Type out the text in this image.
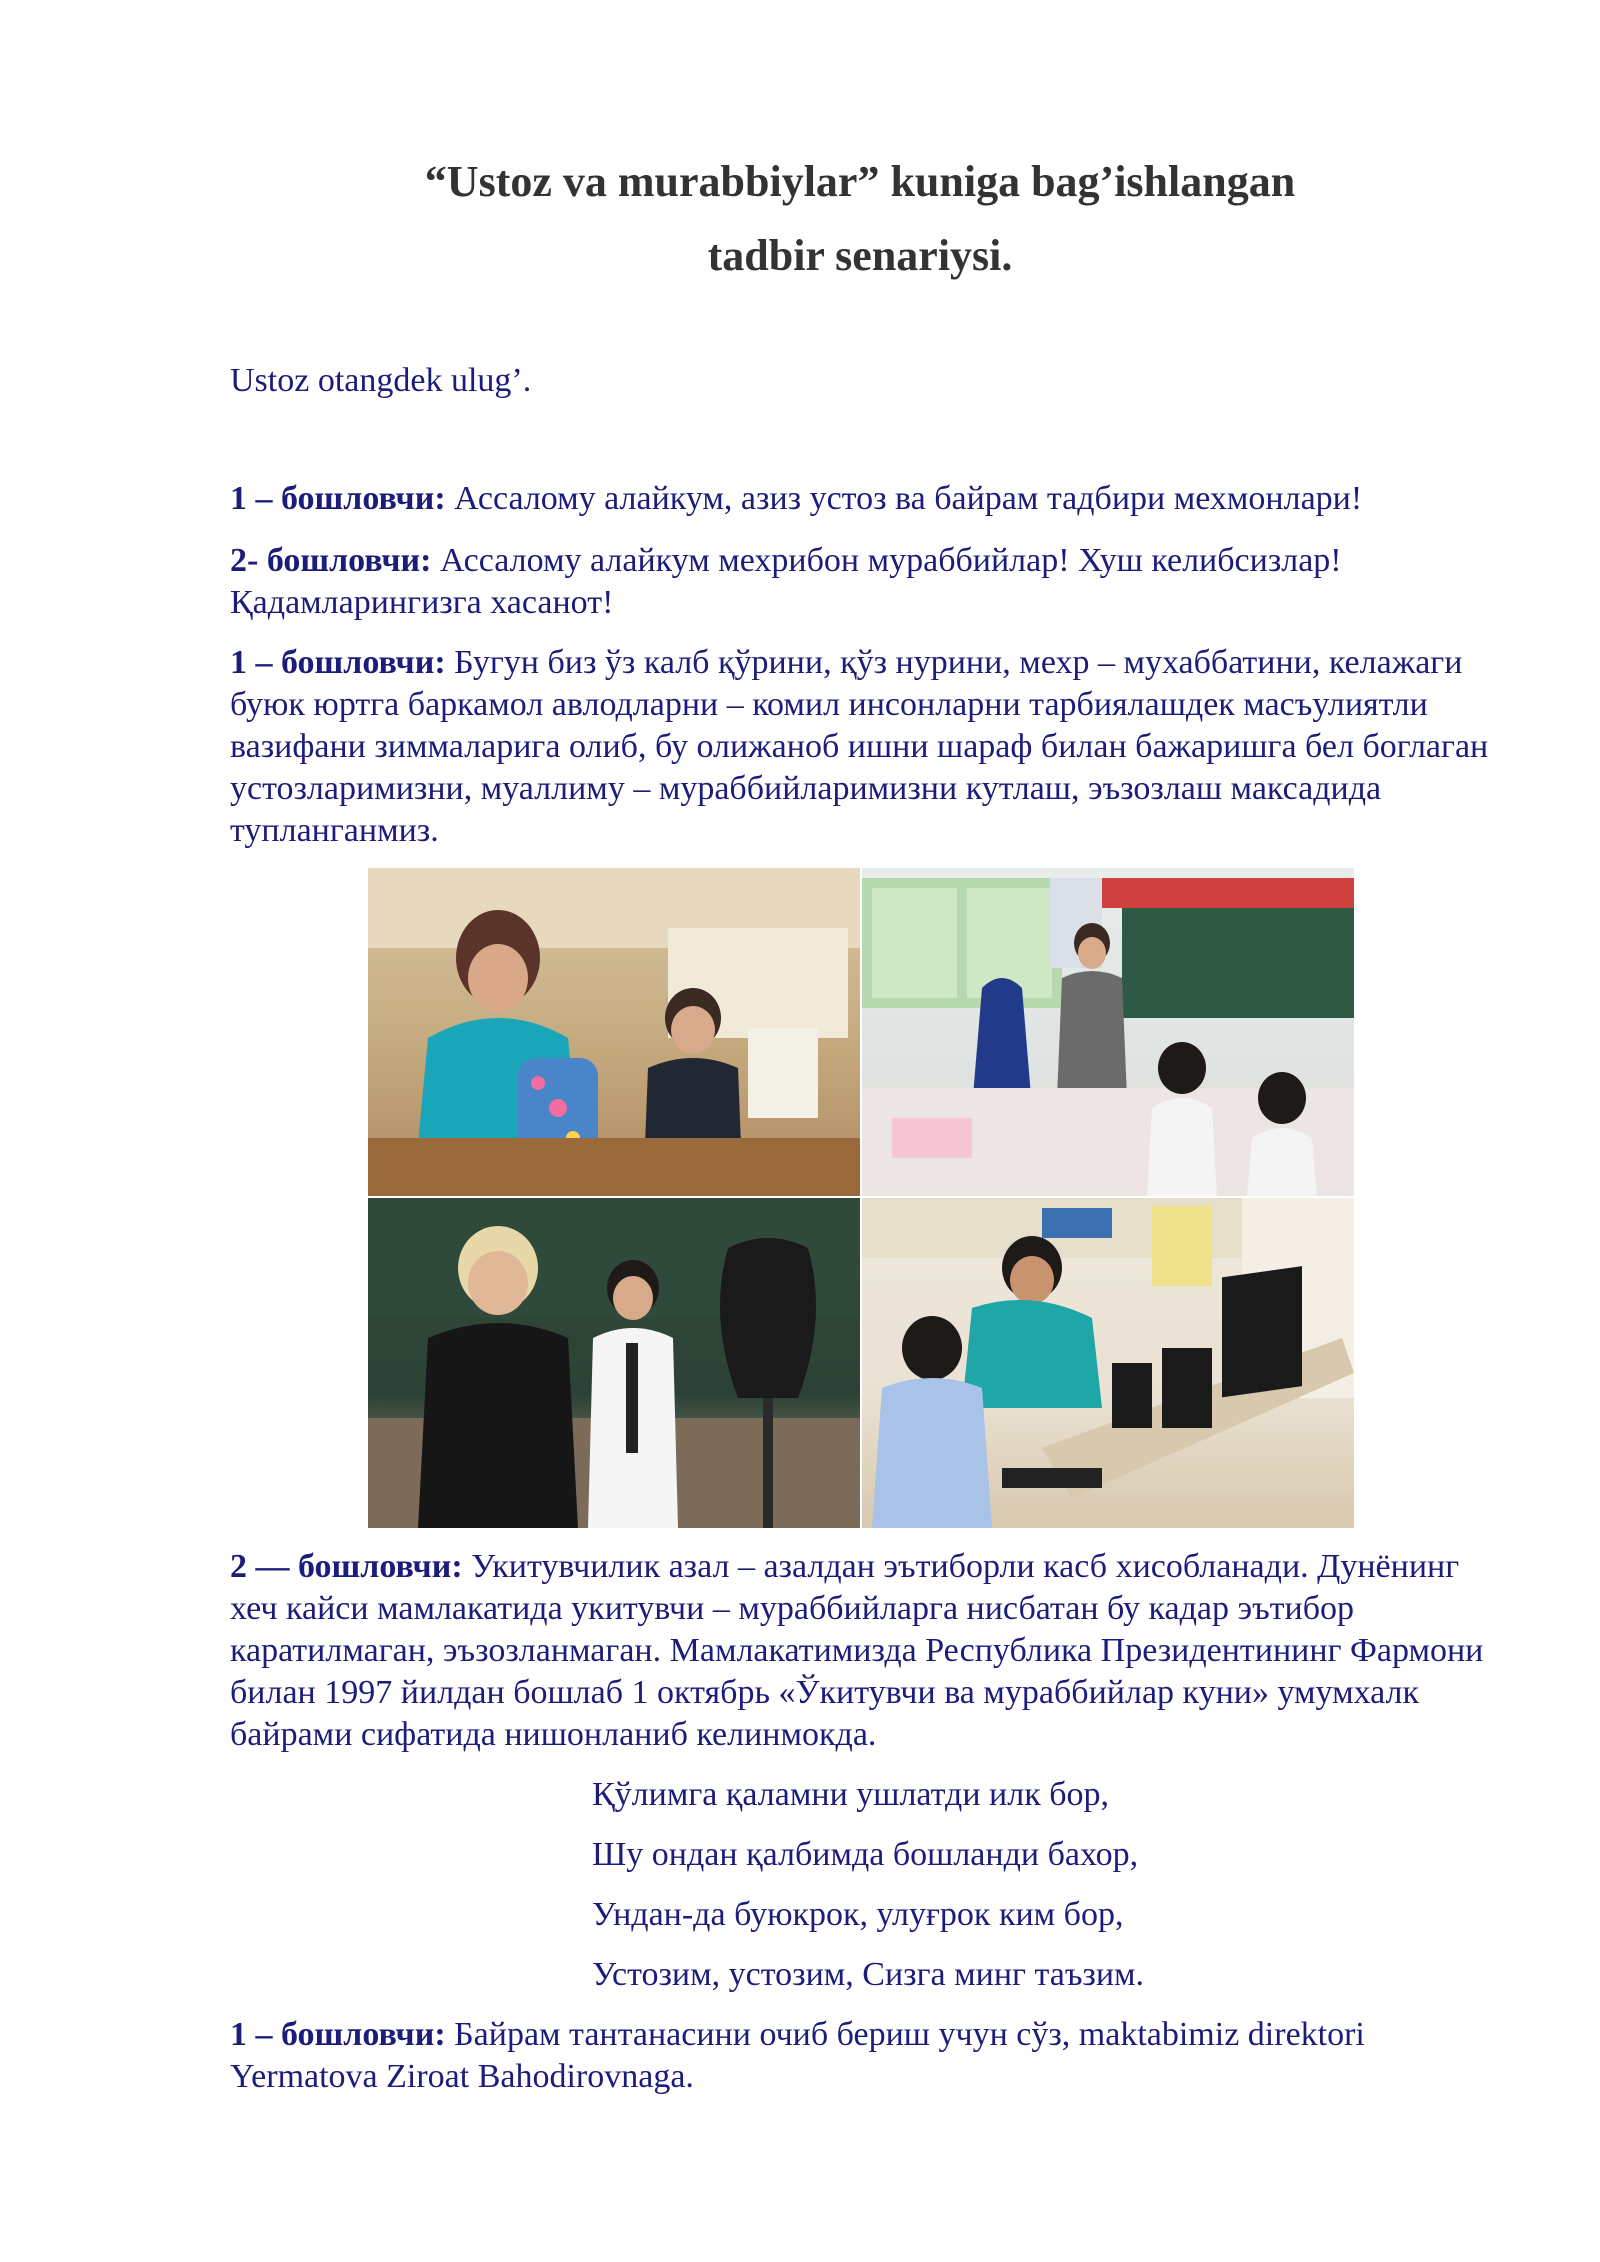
“Ustoz va murabbiylar” kuniga bag’ishlangan
tadbir senariysi.
Ustoz otangdek ulug’.
1 – бошловчи: Ассалому алайкум, азиз устоз ва байрам тадбири мехмонлари!
2- бошловчи: Ассалому алайкум мехрибон мураббийлар! Хуш келибсизлар! Қадамларингизга хасанот!
1 – бошловчи: Бугун биз ўз калб қўрини, қўз нурини, мехр – мухаббатини, келажаги буюк юртга баркамол авлодларни – комил инсонларни тарбиялашдек масъулиятли вазифани зиммаларига олиб, бу олижаноб ишни шараф билан бажаришга бел боглаган устозларимизни, муаллиму – мураббийларимизни кутлаш, эъзозлаш максадида тупланганмиз.
2 — бошловчи: Укитувчилик азал – азалдан эътиборли касб хисобланади. Дунёнинг хеч кайси мамлакатида укитувчи – мураббийларга нисбатан бу кадар эътибор каратилмаган, эъзозланмаган. Мамлакатимизда Республика Президентининг Фармони билан 1997 йилдан бошлаб 1 октябрь «Ўкитувчи ва мураббийлар куни» умумхалк байрами сифатида нишонланиб келинмокда.
Қўлимга қаламни ушлатди илк бор,
Шу ондан қалбимда бошланди бахор,
Ундан-да буюкрок, улуғрок ким бор,
Устозим, устозим, Сизга минг таъзим.
1 – бошловчи: Байрам тантанасини очиб бериш учун сўз, maktabimiz direktori Yermatova Ziroat Bahodirovnaga.
